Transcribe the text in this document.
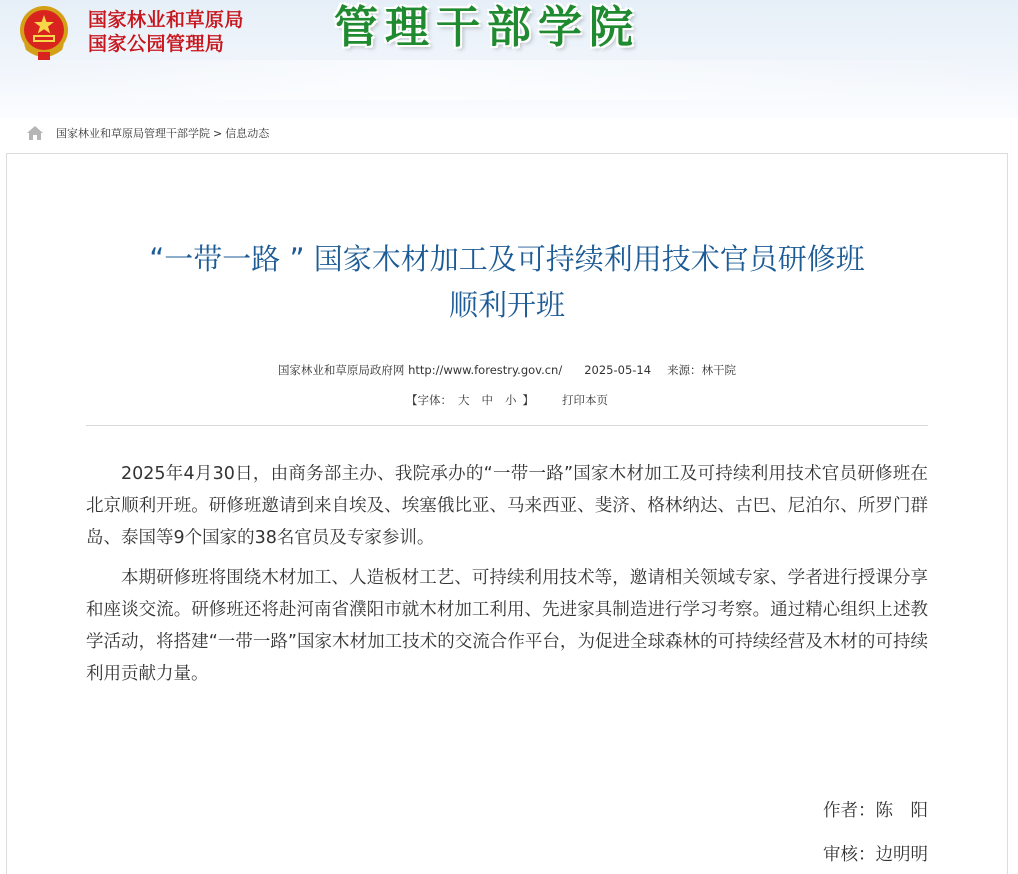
国家林业和草原局
国家公园管理局	管理干部学院
国家林业和草原局管理干部学院 > 信息动态
“一带一路 ” 国家木材加工及可持续利用技术官员研修班
顺利开班
国家林业和草原局政府网 http://www.forestry.gov.cn/ 2025-05-14 来源：林干院
【字体： 大 中 小 】 打印本页

2025年4月30日，由商务部主办、我院承办的“一带一路”国家木材加工及可持续利用技术官员研修班在北京顺利开班。研修班邀请到来自埃及、埃塞俄比亚、马来西亚、斐济、格林纳达、古巴、尼泊尔、所罗门群岛、泰国等9个国家的38名官员及专家参训。

本期研修班将围绕木材加工、人造板材工艺、可持续利用技术等，邀请相关领域专家、学者进行授课分享和座谈交流。研修班还将赴河南省濮阳市就木材加工利用、先进家具制造进行学习考察。通过精心组织上述教学活动，将搭建“一带一路”国家木材加工技术的交流合作平台，为促进全球森林的可持续经营及木材的可持续利用贡献力量。

作者：陈　阳
审核：边明明
